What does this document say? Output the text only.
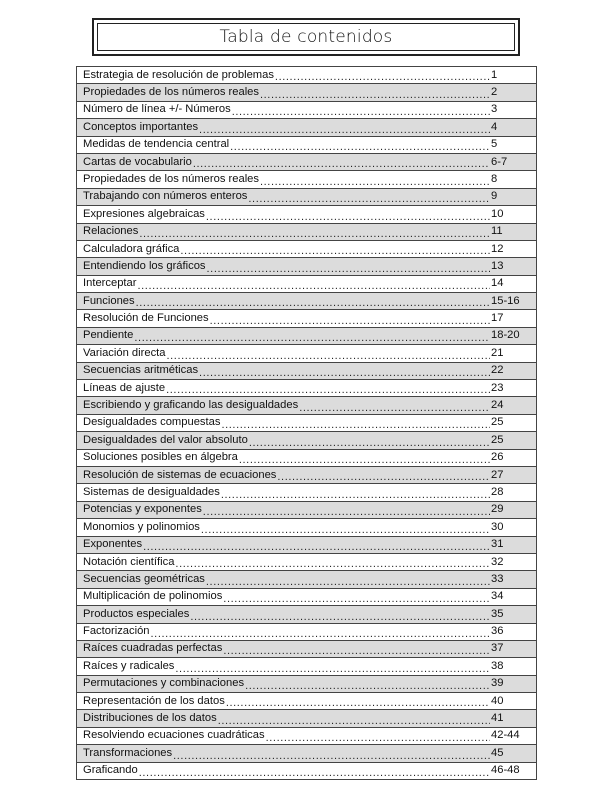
Tabla de contenidos
Estrategia de resolución de problemas .....	1
Propiedades de los números reales .....	2
Número de línea +/- Números .....	3
Conceptos importantes .....	4
Medidas de tendencia central .....	5
Cartas de vocabulario .....	6-7
Propiedades de los números reales .....	8
Trabajando con números enteros .....	9
Expresiones algebraicas .....	10
Relaciones .....	11
Calculadora gráfica .....	12
Entendiendo los gráficos .....	13
Interceptar .....	14
Funciones .....	15-16
Resolución de Funciones .....	17
Pendiente .....	18-20
Variación directa .....	21
Secuencias aritméticas .....	22
Líneas de ajuste .....	23
Escribiendo y graficando las desigualdades .....	24
Desigualdades compuestas .....	25
Desigualdades del valor absoluto .....	25
Soluciones posibles en álgebra .....	26
Resolución de sistemas de ecuaciones .....	27
Sistemas de desigualdades .....	28
Potencias y exponentes .....	29
Monomios y polinomios .....	30
Exponentes .....	31
Notación científica .....	32
Secuencias geométricas .....	33
Multiplicación de polinomios .....	34
Productos especiales .....	35
Factorización .....	36
Raíces cuadradas perfectas .....	37
Raíces y radicales .....	38
Permutaciones y combinaciones .....	39
Representación de los datos .....	40
Distribuciones de los datos .....	41
Resolviendo ecuaciones cuadráticas .....	42-44
Transformaciones .....	45
Graficando .....	46-48
